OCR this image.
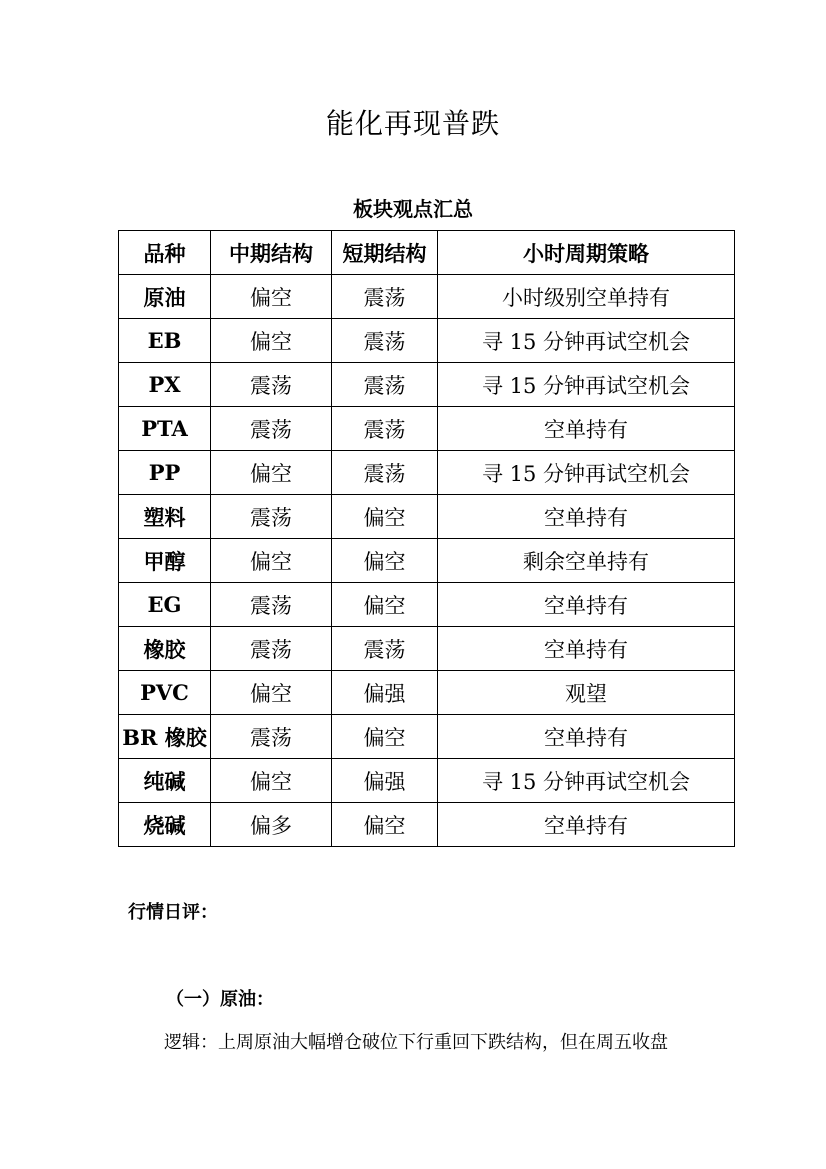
能化再现普跌
板块观点汇总
品种	中期结构	短期结构	小时周期策略
原油	偏空	震荡	小时级别空单持有
EB	偏空	震荡	寻 15 分钟再试空机会
PX	震荡	震荡	寻 15 分钟再试空机会
PTA	震荡	震荡	空单持有
PP	偏空	震荡	寻 15 分钟再试空机会
塑料	震荡	偏空	空单持有
甲醇	偏空	偏空	剩余空单持有
EG	震荡	偏空	空单持有
橡胶	震荡	震荡	空单持有
PVC	偏空	偏强	观望
BR 橡胶	震荡	偏空	空单持有
纯碱	偏空	偏强	寻 15 分钟再试空机会
烧碱	偏多	偏空	空单持有
行情日评：
（一）原油：
逻辑：上周原油大幅增仓破位下行重回下跌结构，但在周五收盘
